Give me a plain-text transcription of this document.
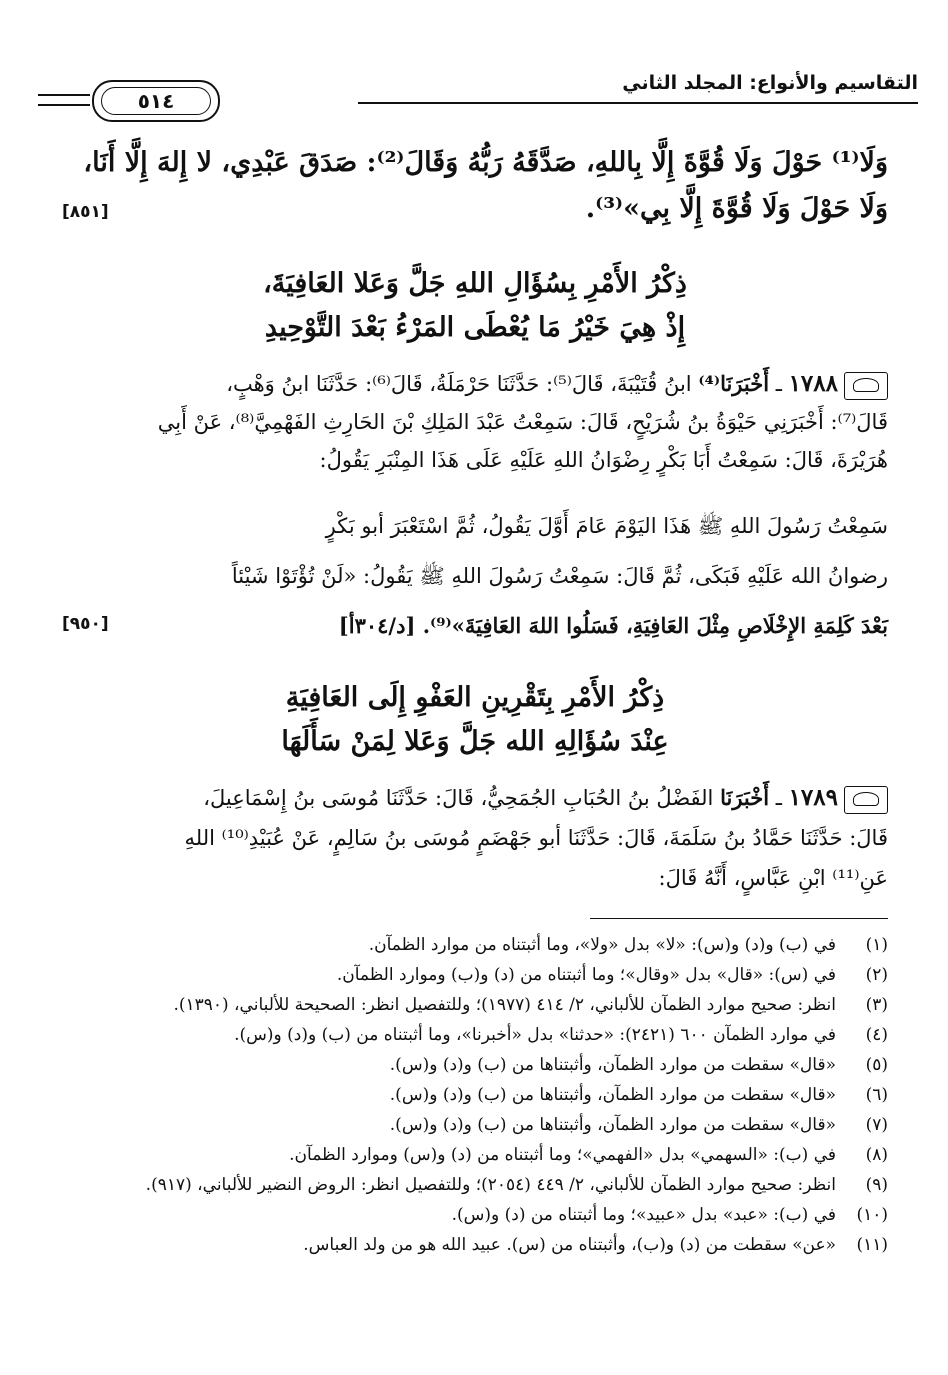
التقاسيم والأنواع: المجلد الثاني
٥١٤
وَلَا⁽¹⁾ حَوْلَ وَلَا قُوَّةَ إِلَّا بِاللهِ، صَدَّقَهُ رَبُّهُ وَقَالَ⁽²⁾: صَدَقَ عَبْدِي، لا إِلهَ إِلَّا أَنَا،
وَلَا حَوْلَ وَلَا قُوَّةَ إِلَّا بِي»⁽³⁾.
[٨٥١]
ذِكْرُ الأَمْرِ بِسُؤَالِ اللهِ جَلَّ وَعَلا العَافِيَةَ،
إِذْ هِيَ خَيْرُ مَا يُعْطَى المَرْءُ بَعْدَ التَّوْحِيدِ
١٧٨٨ ـ أَخْبَرَنَا⁽⁴⁾ ابنُ قُتَيْبَةَ، قَالَ⁽⁵⁾: حَدَّثَنَا حَرْمَلَةُ، قَالَ⁽⁶⁾: حَدَّثَنَا ابنُ وَهْبٍ،
قَالَ⁽⁷⁾: أَخْبَرَنِي حَيْوَةُ بنُ شُرَيْحٍ، قَالَ: سَمِعْتُ عَبْدَ المَلِكِ بْنَ الحَارِثِ الفَهْمِيَّ⁽⁸⁾، عَنْ أَبِي
هُرَيْرَةَ، قَالَ: سَمِعْتُ أَبَا بَكْرٍ رِضْوَانُ اللهِ عَلَيْهِ عَلَى هَذَا المِنْبَرِ يَقُولُ:
سَمِعْتُ رَسُولَ اللهِ ﷺ هَذَا اليَوْمَ عَامَ أَوَّلَ يَقُولُ، ثُمَّ اسْتَعْبَرَ أبو بَكْرٍ
رضوانُ الله عَلَيْهِ فَبَكَى، ثُمَّ قَالَ: سَمِعْتُ رَسُولَ اللهِ ﷺ يَقُولُ: «لَنْ تُؤْتَوْا شَيْئاً
بَعْدَ كَلِمَةِ الإِخْلَاصِ مِثْلَ العَافِيَةِ، فَسَلُوا اللهَ العَافِيَةَ»⁽⁹⁾. [د/٣٠٤أ]
[٩٥٠]
ذِكْرُ الأَمْرِ بِتَقْرِينِ العَفْوِ إِلَى العَافِيَةِ
عِنْدَ سُؤَالِهِ الله جَلَّ وَعَلا لِمَنْ سَأَلَهَا
١٧٨٩ ـ أَخْبَرَنَا الفَضْلُ بنُ الحُبَابِ الجُمَحِيُّ، قَالَ: حَدَّثَنَا مُوسَى بنُ إِسْمَاعِيلَ،
قَالَ: حَدَّثَنَا حَمَّادُ بنُ سَلَمَةَ، قَالَ: حَدَّثَنَا أبو جَهْضَمٍ مُوسَى بنُ سَالِمٍ، عَنْ عُبَيْدِ⁽¹⁰⁾ اللهِ
عَنِ⁽¹¹⁾ ابْنِ عَبَّاسٍ، أَنَّهُ قَالَ:
(١)
في (ب) و(د) و(س): «لا» بدل «ولا»، وما أثبتناه من موارد الظمآن.
(٢)
في (س): «قال» بدل «وقال»؛ وما أثبتناه من (د) و(ب) وموارد الظمآن.
(٣)
انظر: صحيح موارد الظمآن للألباني، ٢/ ٤١٤ (١٩٧٧)؛ وللتفصيل انظر: الصحيحة للألباني، (١٣٩٠).
(٤)
في موارد الظمآن ٦٠٠ (٢٤٢١): «حدثنا» بدل «أخبرنا»، وما أثبتناه من (ب) و(د) و(س).
(٥)
«قال» سقطت من موارد الظمآن، وأثبتناها من (ب) و(د) و(س).
(٦)
«قال» سقطت من موارد الظمآن، وأثبتناها من (ب) و(د) و(س).
(٧)
«قال» سقطت من موارد الظمآن، وأثبتناها من (ب) و(د) و(س).
(٨)
في (ب): «السهمي» بدل «الفهمي»؛ وما أثبتناه من (د) و(س) وموارد الظمآن.
(٩)
انظر: صحيح موارد الظمآن للألباني، ٢/ ٤٤٩ (٢٠٥٤)؛ وللتفصيل انظر: الروض النضير للألباني، (٩١٧).
(١٠)
في (ب): «عبد» بدل «عبيد»؛ وما أثبتناه من (د) و(س).
(١١)
«عن» سقطت من (د) و(ب)، وأثبتناه من (س). عبيد الله هو من ولد العباس.
